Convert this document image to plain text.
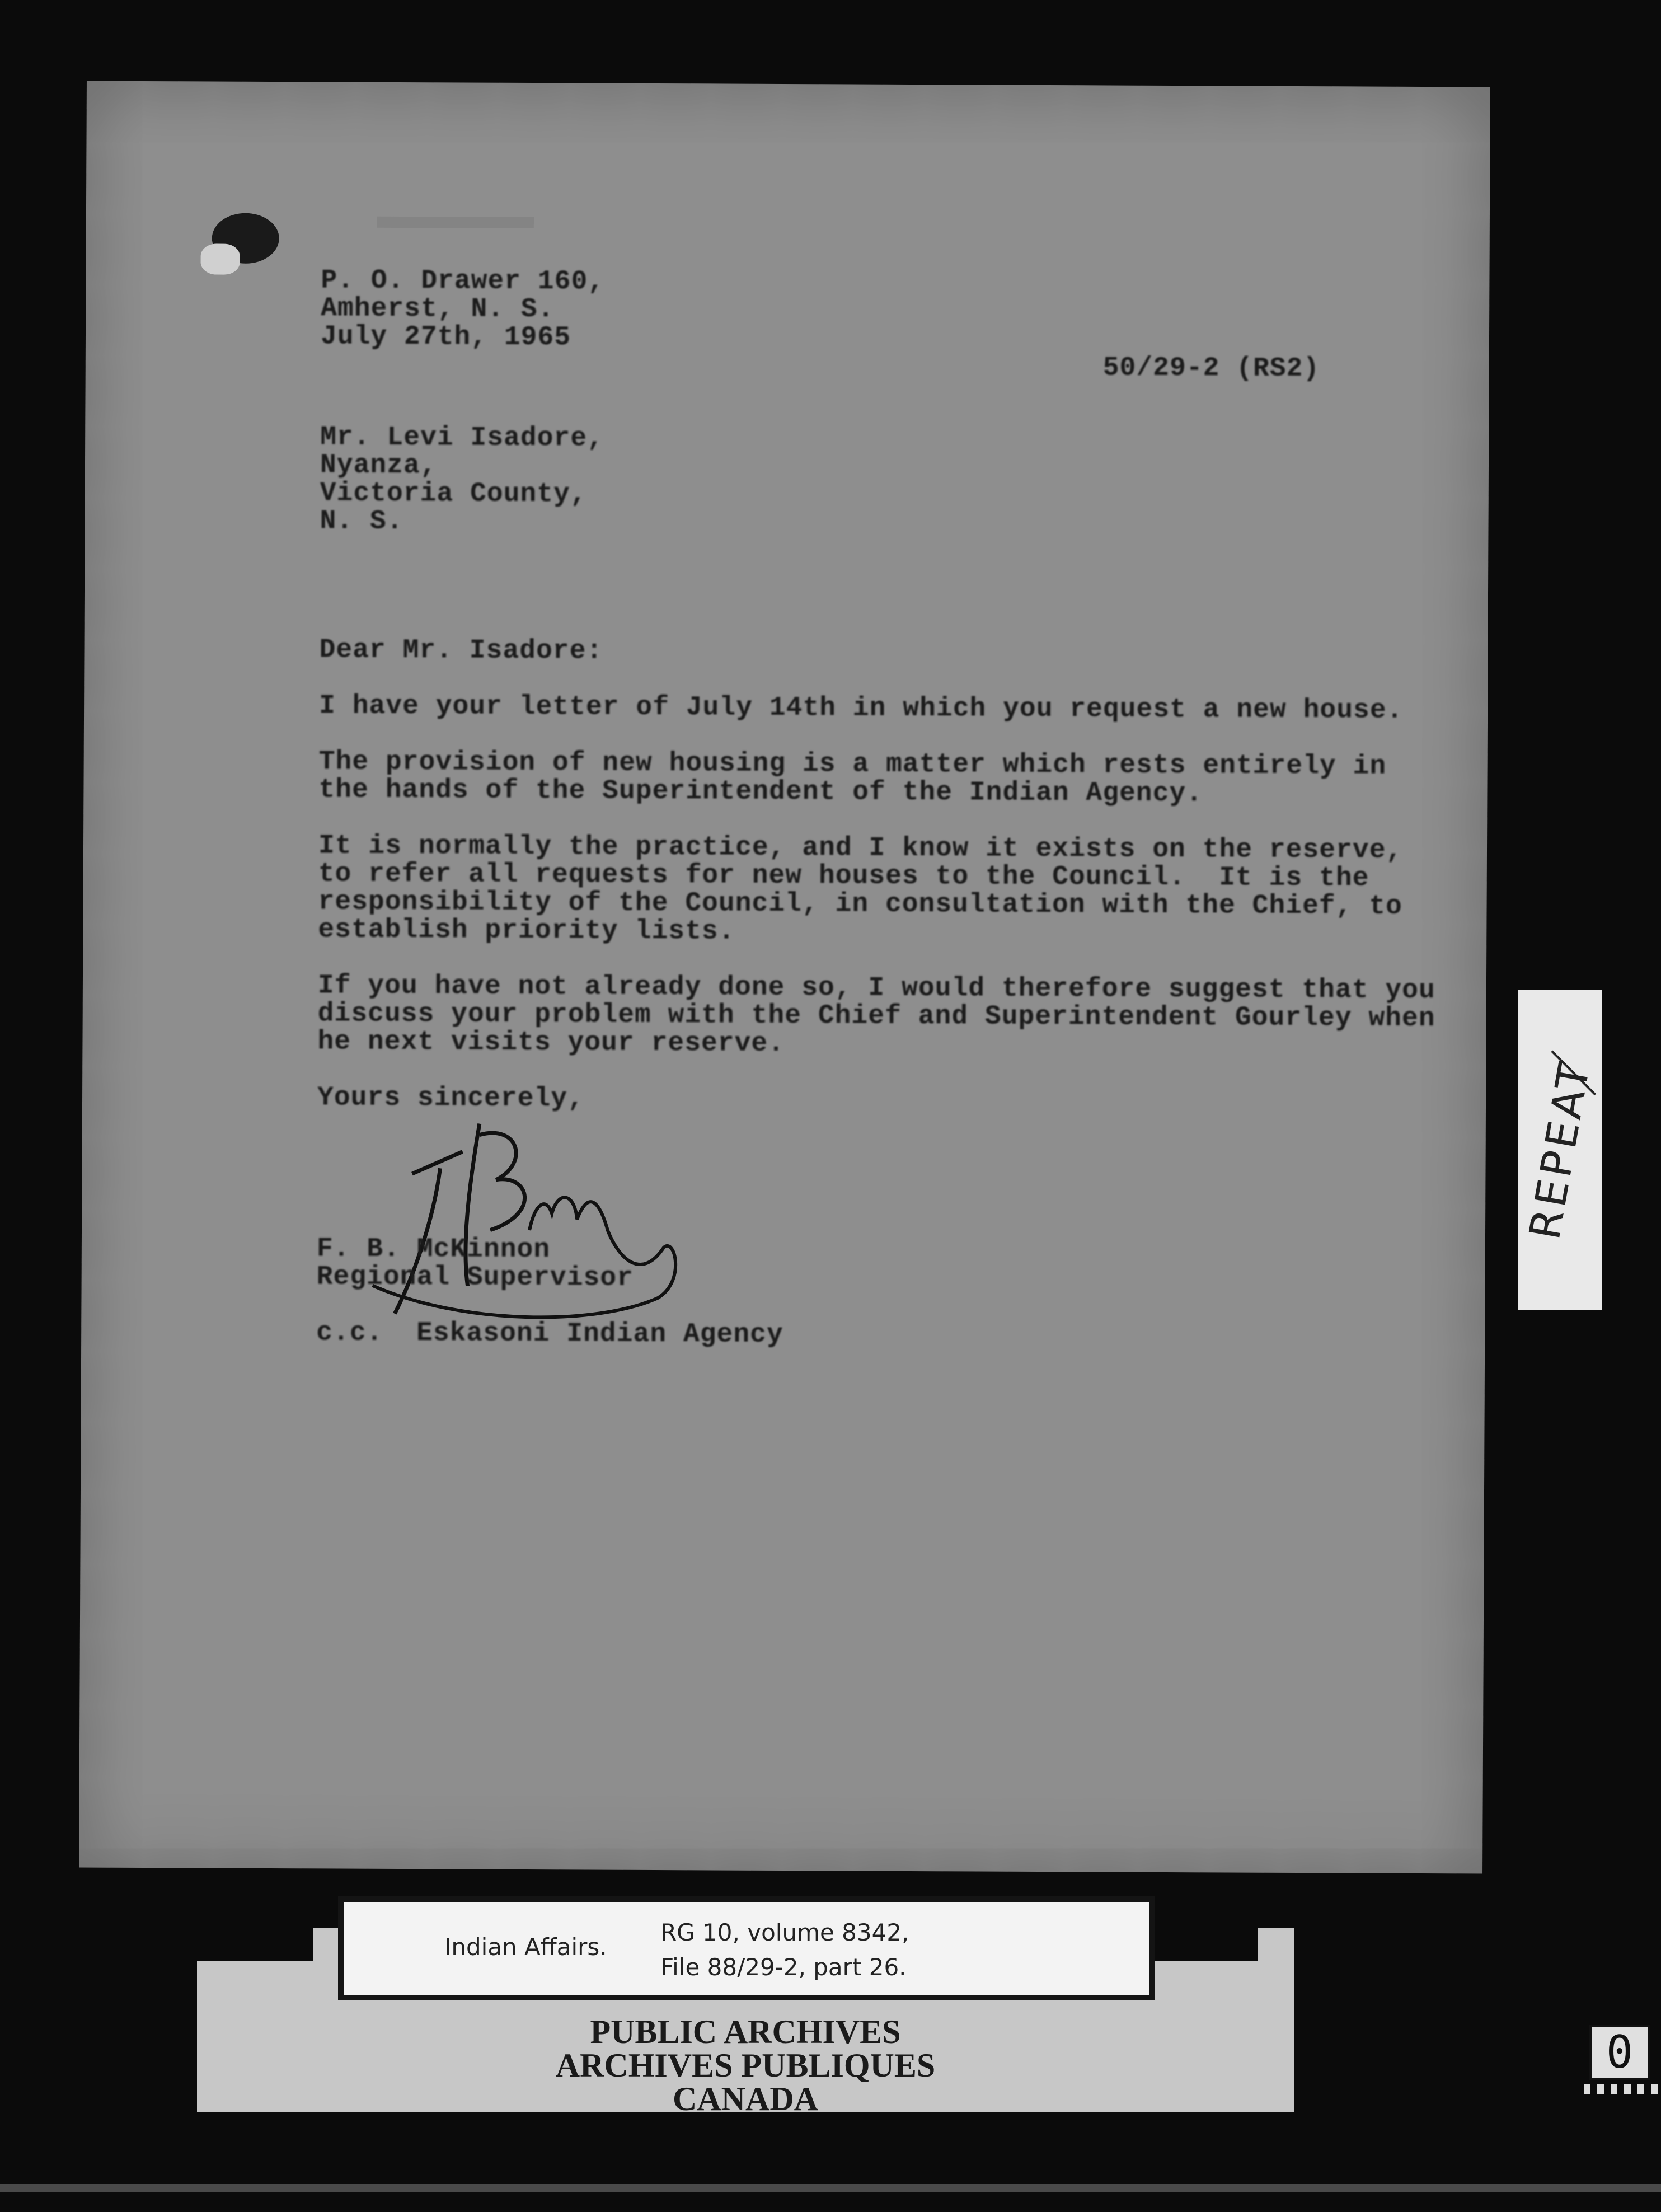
P. O. Drawer 160,
Amherst, N. S.
July 27th, 1965
50/29-2 (RS2)
Mr. Levi Isadore,
Nyanza,
Victoria County,
N. S.
Dear Mr. Isadore:
I have your letter of July 14th in which you request a new house.
The provision of new housing is a matter which rests entirely in
the hands of the Superintendent of the Indian Agency.
It is normally the practice, and I know it exists on the reserve,
to refer all requests for new houses to the Council.  It is the
responsibility of the Council, in consultation with the Chief, to
establish priority lists.
If you have not already done so, I would therefore suggest that you
discuss your problem with the Chief and Superintendent Gourley when
he next visits your reserve.
Yours sincerely,
F. B. McKinnon
Regional Supervisor
c.c.  Eskasoni Indian Agency
REPEAT
Indian Affairs.
RG 10, volume 8342,
File 88/29-2, part 26.
PUBLIC ARCHIVES
ARCHIVES PUBLIQUES
CANADA
0
